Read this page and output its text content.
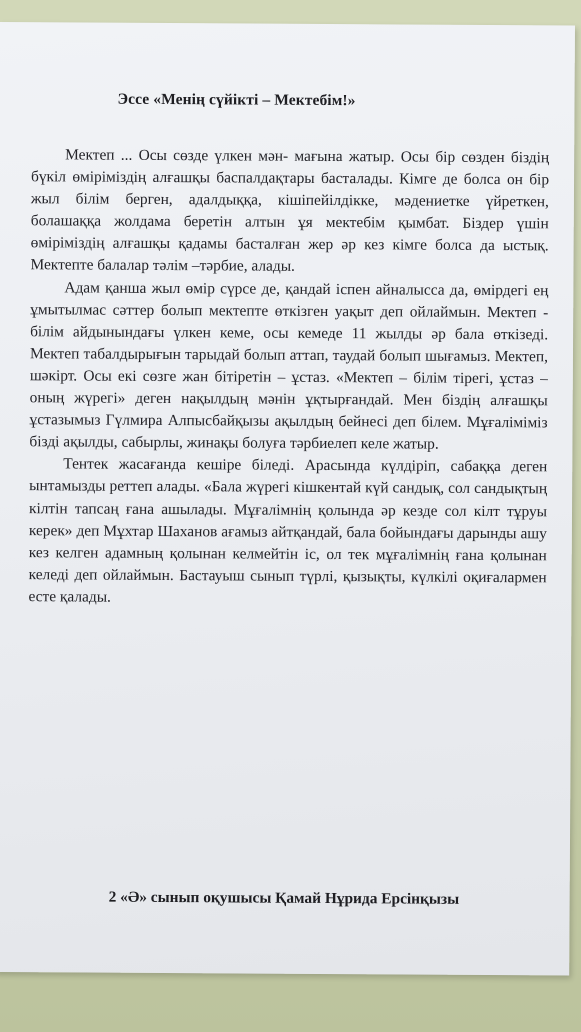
Эссе «Менің сүйікті – Мектебім!»

Мектеп ... Осы сөзде үлкен мән- мағына жатыр. Осы бір сөзден біздің бүкіл өміріміздің алғашқы баспалдақтары басталады. Кімге де болса он бір жыл білім берген, адалдыққа, кішіпейілдікке, мәдениетке үйреткен, болашаққа жолдама беретін алтын ұя мектебім қымбат. Біздер үшін өміріміздің алғашқы қадамы басталған жер әр кез кімге болса да ыстық. Мектепте балалар тәлім –тәрбие, алады.

Адам қанша жыл өмір сүрсе де, қандай іспен айналысса да, өмірдегі ең ұмытылмас сәттер болып мектепте өткізген уақыт деп ойлаймын. Мектеп - білім айдынындағы үлкен кеме, осы кемеде 11 жылды әр бала өткізеді. Мектеп табалдырығын тарыдай болып аттап, таудай болып шығамыз. Мектеп, шәкірт. Осы екі сөзге жан бітіретін – ұстаз. «Мектеп – білім тірегі, ұстаз – оның жүрегі» деген нақылдың мәнін ұқтырғандай. Мен біздің алғашқы ұстазымыз Гүлмира Алпысбайқызы ақылдың бейнесі деп білем. Мұғаліміміз бізді ақылды, сабырлы, жинақы болуға тәрбиелеп келе жатыр.

Тентек жасағанда кешіре біледі. Арасында күлдіріп, сабаққа деген ынтамызды реттеп алады. «Бала жүрегі кішкентай күй сандық, сол сандықтың кілтін тапсаң ғана ашылады. Мұғалімнің қолында әр кезде сол кілт тұруы керек» деп Мұхтар Шаханов ағамыз айтқандай, бала бойындағы дарынды ашу кез келген адамның қолынан келмейтін іс, ол тек мұғалімнің ғана қолынан келеді деп ойлаймын. Бастауыш сынып түрлі, қызықты, күлкілі оқиғалармен есте қалады.

2 «Ә» сынып оқушысы Қамай Нұрида Ерсінқызы
